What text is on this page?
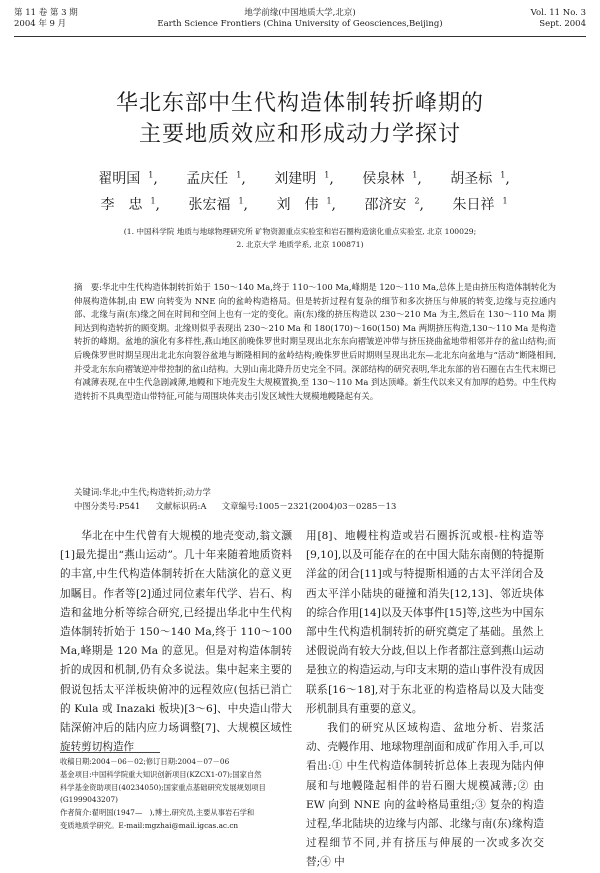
第 11 卷 第 3 期
2004 年 9 月
地学前缘(中国地质大学,北京)
Earth Science Frontiers (China University of Geosciences,Beijing)
Vol. 11 No. 3
Sept. 2004
华北东部中生代构造体制转折峰期的
主要地质效应和形成动力学探讨
翟明国 $^1$, 孟庆任 $^1$, 刘建明 $^1$, 侯泉林 $^1$, 胡圣标 $^1$,
李　忠 $^1$, 张宏福 $^1$, 刘　伟 $^1$, 邵济安 $^2$, 朱日祥 $^1$
(1. 中国科学院 地质与地球物理研究所 矿物资源重点实验室和岩石圈构造演化重点实验室, 北京 100029;
2. 北京大学 地质学系, 北京 100871)
摘　要:华北中生代构造体制转折始于 150～140 Ma,终于 110～100 Ma,峰期是 120～110 Ma,总体上是由挤压构造体制转化为伸展构造体制,由 EW 向转变为 NNE 向的盆岭构造格局。但是转折过程有复杂的细节和多次挤压与伸展的转变,边缘与克拉通内部、北缘与南(东)缘之间在时间和空间上也有一定的变化。南(东)缘的挤压构造以 230～210 Ma 为主,然后在 130～110 Ma 期间达到构造转折的顾变期。北缘则似乎表现出 230～210 Ma 和 180(170)～160(150) Ma 两期挤压构造,130～110 Ma 是构造转折的峰期。盆地的演化有多样性,燕山地区前晚侏罗世时期呈现出北东东向褶皱逆冲带与挤压挠曲盆地带相邻并存的盆山结构;而后晚侏罗世时期呈现出北北东向裂谷盆地与断隆相间的盆岭结构;晚侏罗世后时期则呈现出北东—北北东向盆地与“活动”断隆相间,并受北东东向褶皱逆冲带控制的盆山结构。大别山南北降升历史完全不同。深部结构的研究表明,华北东部的岩石圈在古生代末期已有减薄表现,在中生代急剧减薄,地幔和下地壳发生大规模置换,至 130～110 Ma 到达顶峰。新生代以来又有加厚的趋势。中生代构造转折不具典型造山带特征,可能与周围块体夹击引发区域性大规模地幔隆起有关。
关键词:华北;中生代;构造转折;动力学
中图分类号:P541 文献标识码:A 文章编号:1005－2321(2004)03－0285－13

华北在中生代曾有大规模的地壳变动,翁文灏[1]最先提出“燕山运动”。几十年来随着地质资料的丰富,中生代构造体制转折在大陆演化的意义更加瞩目。作者等[2]通过同位素年代学、岩石、构造和盆地分析等综合研究,已经提出华北中生代构造体制转折始于 150～140 Ma,终于 110～100 Ma,峰期是 120 Ma 的意见。但是对构造体制转折的成因和机制,仍有众多说法。集中起来主要的假说包括太平洋板块俯冲的远程效应(包括已消亡的 Kula 或 Inazaki 板块)[3～6]、中央造山带大陆深俯冲后的陆内应力场调整[7]、大规模区域性旋转剪切构造作

用[8]、地幔柱构造或岩石圈拆沉或根-柱构造等[9,10],以及可能存在的在中国大陆东南侧的特提斯洋盆的闭合[11]或与特提斯相通的古太平洋闭合及西太平洋小陆块的碰撞和消失[12,13]、邻近块体的综合作用[14]以及天体事件[15]等,这些为中国东部中生代构造机制转折的研究奠定了基础。虽然上述假说尚有较大分歧,但以上作者都注意到燕山运动是独立的构造运动,与印支末期的造山事件没有成因联系[16～18],对于东北亚的构造格局以及大陆变形机制具有重要的意义。

我们的研究从区域构造、盆地分析、岩浆活动、壳幔作用、地球物理剖面和成矿作用入手,可以看出:① 中生代构造体制转折总体上表现为陆内伸展和与地幔隆起相伴的岩石圈大规模减薄;② 由 EW 向到 NNE 向的盆岭格局重组;③ 复杂的构造过程,华北陆块的边缘与内部、北缘与南(东)缘构造过程细节不同,并有挤压与伸展的一次或多次交替;④ 中

收稿日期:2004－06－02;修订日期:2004－07－06
基金项目:中国科学院重大知识创新项目(KZCX1-07);国家自然
科学基金资助项目(40234050);国家重点基础研究发展规划项目
(G1999043207)
作者简介:翟明国(1947—　),博士,研究员,主要从事岩石学和
变质地质学研究。E-mail:mgzhai@mail.igcas.ac.cn
